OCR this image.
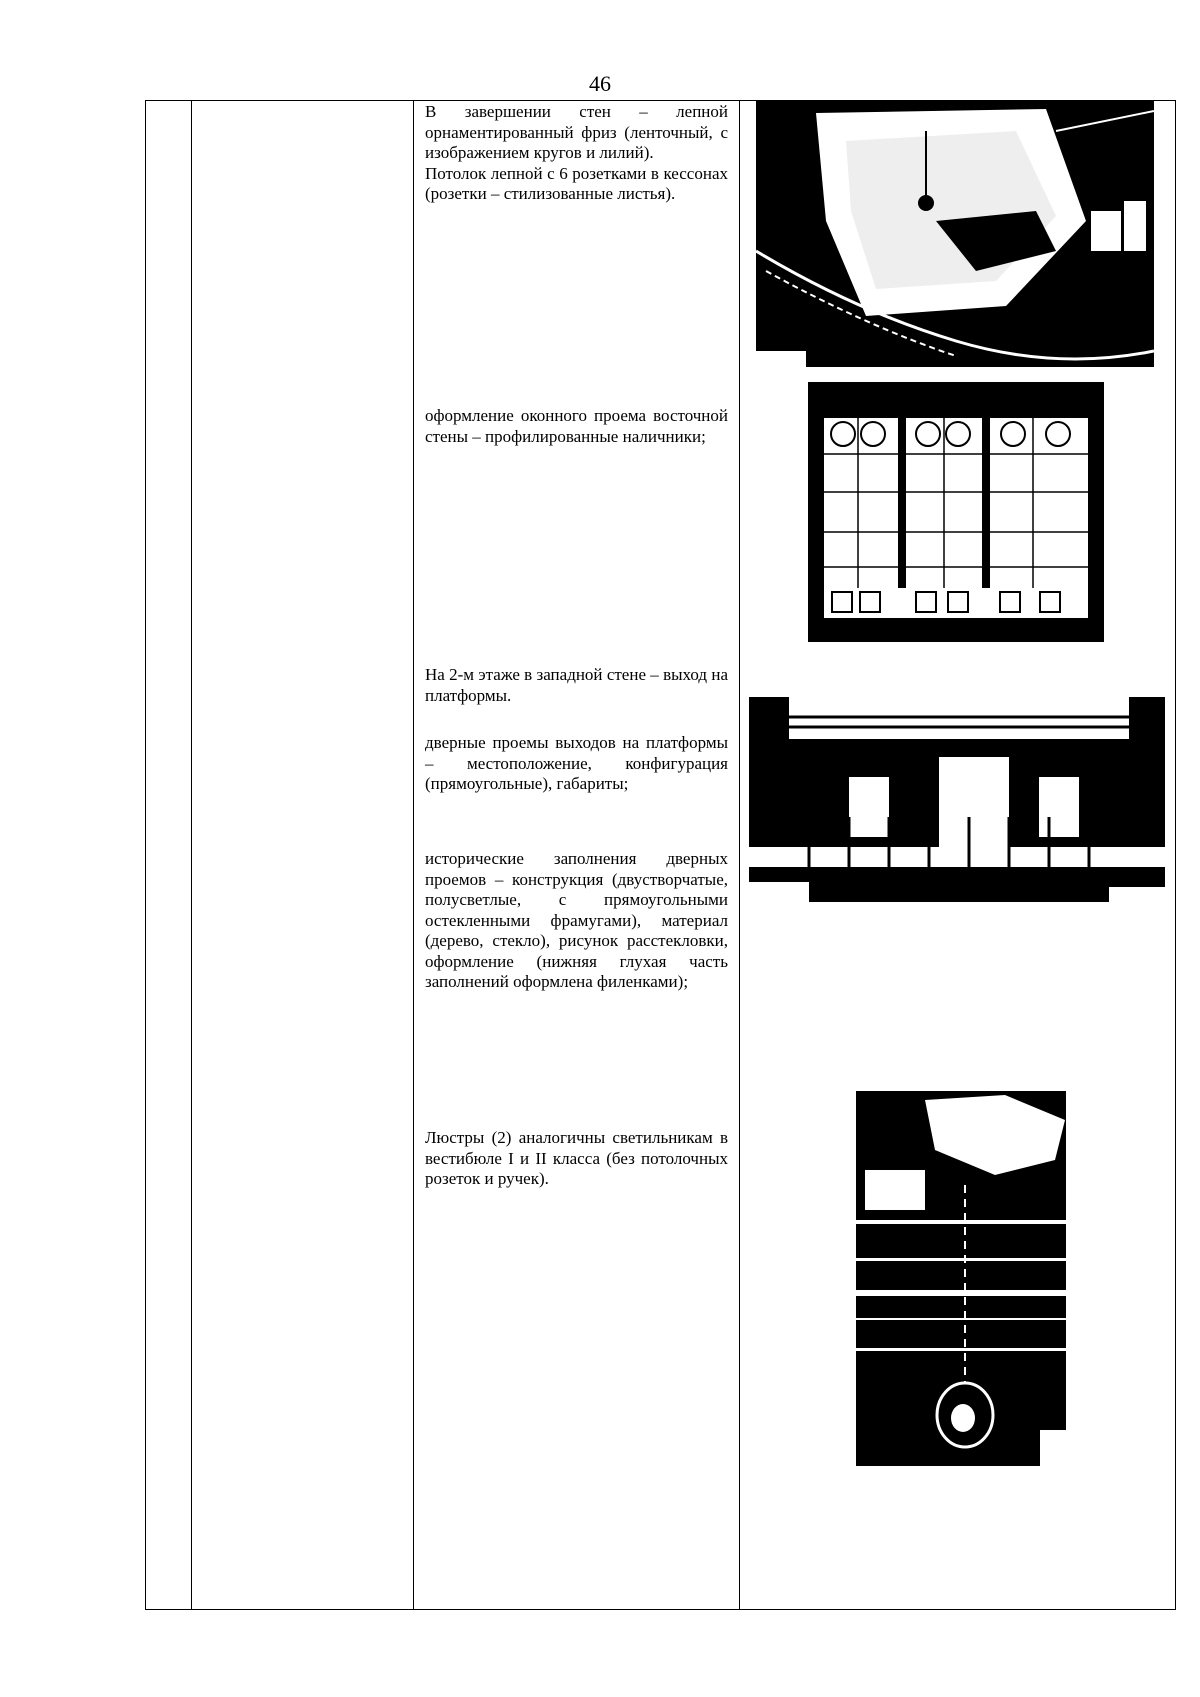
46

В завершении стен – лепной орнаментированный фриз (ленточный, с изображением кругов и лилий).

Потолок лепной с 6 розетками в кессонах (розетки – стилизованные листья).

оформление оконного проема восточной стены – профилированные наличники;

На 2-м этаже в западной стене – выход на платформы.

дверные проемы выходов на платформы – местоположение, конфигурация (прямоугольные), габариты;

исторические заполнения дверных проемов – конструкция (двустворчатые, полусветлые, с прямоугольными остекленными фрамугами), материал (дерево, стекло), рисунок расстекловки, оформление (нижняя глухая часть заполнений оформлена филенками);

Люстры (2) аналогичны светильникам в вестибюле I и II класса (без потолочных розеток и ручек).
